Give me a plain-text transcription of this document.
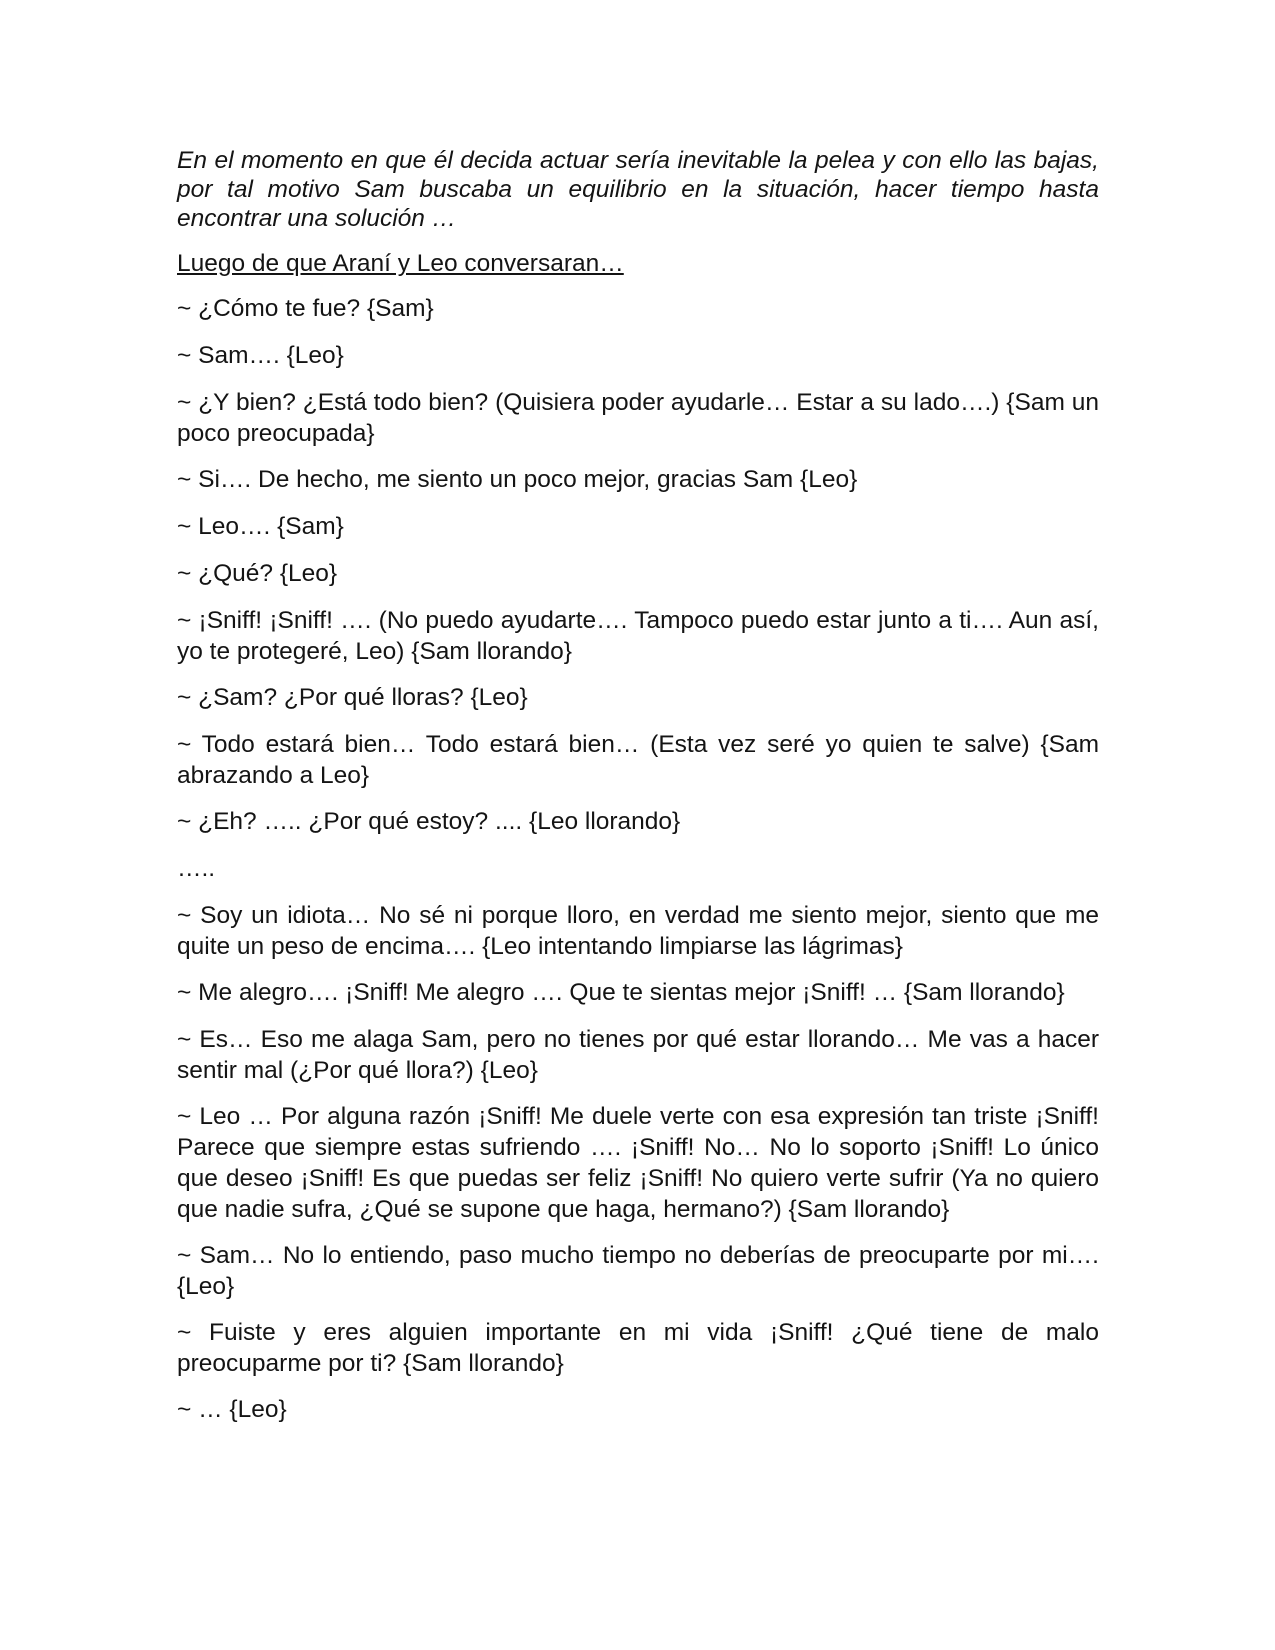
En el momento en que él decida actuar sería inevitable la pelea y con ello las bajas, por tal motivo Sam buscaba un equilibrio en la situación, hacer tiempo hasta encontrar una solución …

Luego de que Araní y Leo conversaran…

~ ¿Cómo te fue? {Sam}

~ Sam…. {Leo}

~ ¿Y bien? ¿Está todo bien? (Quisiera poder ayudarle… Estar a su lado….) {Sam un poco preocupada}

~ Si…. De hecho, me siento un poco mejor, gracias Sam {Leo}

~ Leo…. {Sam}

~ ¿Qué? {Leo}

~ ¡Sniff! ¡Sniff! …. (No puedo ayudarte…. Tampoco puedo estar junto a ti…. Aun así, yo te protegeré, Leo) {Sam llorando}

~ ¿Sam? ¿Por qué lloras? {Leo}

~ Todo estará bien… Todo estará bien… (Esta vez seré yo quien te salve) {Sam abrazando a Leo}

~ ¿Eh? ….. ¿Por qué estoy? .... {Leo llorando}

…..

~ Soy un idiota… No sé ni porque lloro, en verdad me siento mejor, siento que me quite un peso de encima…. {Leo intentando limpiarse las lágrimas}

~ Me alegro…. ¡Sniff! Me alegro …. Que te sientas mejor ¡Sniff! … {Sam llorando}

~ Es… Eso me alaga Sam, pero no tienes por qué estar llorando… Me vas a hacer sentir mal (¿Por qué llora?) {Leo}

~ Leo … Por alguna razón ¡Sniff! Me duele verte con esa expresión tan triste ¡Sniff! Parece que siempre estas sufriendo …. ¡Sniff! No… No lo soporto ¡Sniff! Lo único que deseo ¡Sniff! Es que puedas ser feliz ¡Sniff! No quiero verte sufrir (Ya no quiero que nadie sufra, ¿Qué se supone que haga, hermano?) {Sam llorando}

~ Sam… No lo entiendo, paso mucho tiempo no deberías de preocuparte por mi…. {Leo}

~ Fuiste y eres alguien importante en mi vida ¡Sniff! ¿Qué tiene de malo preocuparme por ti? {Sam llorando}

~ … {Leo}
